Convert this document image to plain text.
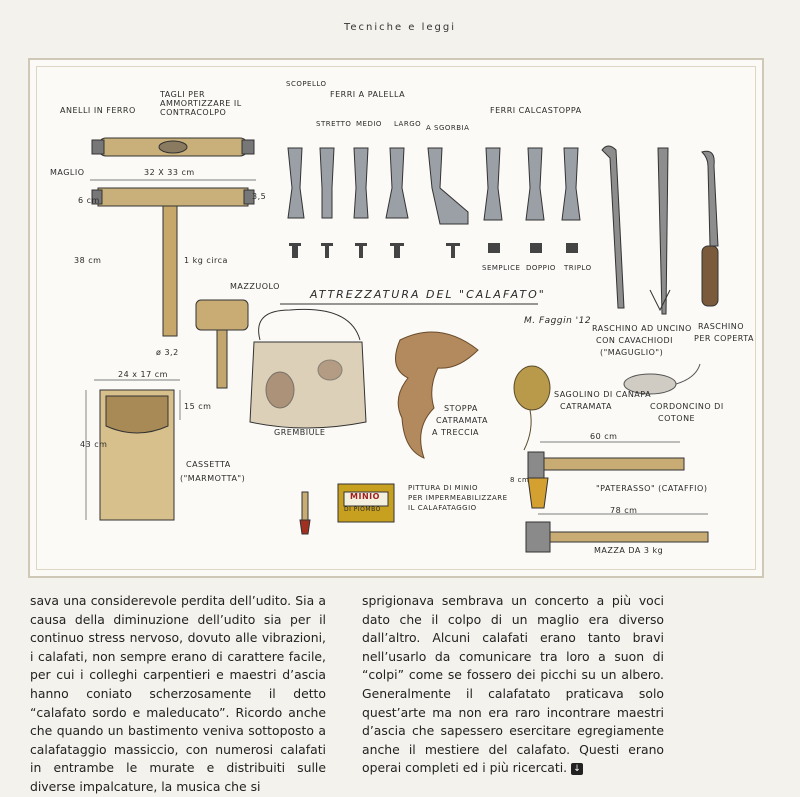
Tecniche e leggi
ANELLI IN FERRO
TAGLI PER AMMORTIZZARE IL CONTRACOLPO
MAGLIO	32 X 33 cm
3,5
6 cm
38 cm	1 kg circa
ø 3,2
MAZZUOLO
24 x 17 cm
15 cm
43 cm
CASSETTA
("MARMOTTA")
SCOPELLO
FERRI A PALELLA
STRETTO MEDIO LARGO A SGORBIA
FERRI CALCASTOPPA
SEMPLICE DOPPIO TRIPLO
RASCHINO AD UNCINO
CON CAVACHIODI
("MAGUGLIO")
RASCHINO
PER COPERTA
ATTREZZATURA DEL "CALAFATO"
M. Faggin '12
GREMBIULE
STOPPA
CATRAMATA
A TRECCIA
SAGOLINO DI CANAPA
CATRAMATA	CORDONCINO DI
COTONE
60 cm
PITTURA DI MINIO
PER IMPERMEABILIZZARE
IL CALAFATAGGIO
MINIO
DI PIOMBO
"PATERASSO" (CATAFFIO)
8 cm
78 cm
MAZZA DA 3 kg

sava una considerevole perdita dell’udito. Sia a causa della diminuzione dell’udito sia per il continuo stress nervoso, dovuto alle vibrazioni, i calafati, non sempre erano di carattere facile, per cui i colleghi carpentieri e maestri d’ascia hanno coniato scherzosamente il detto “calafato sordo e maleducato”. Ricordo anche che quando un bastimento veniva sottoposto a calafataggio massiccio, con numerosi calafati in entrambe le murate e distribuiti sulle diverse impalcature, la musica che si

sprigionava sembrava un concerto a più voci dato che il colpo di un maglio era diverso dall’altro. Alcuni calafati erano tanto bravi nell’usarlo da comunicare tra loro a suon di “colpi” come se fossero dei picchi su un albero. Generalmente il calafatato praticava solo quest’arte ma non era raro incontrare maestri d’ascia che sapessero esercitare egregiamente anche il mestiere del calafato. Questi erano operai completi ed i più ricercati. ↓
